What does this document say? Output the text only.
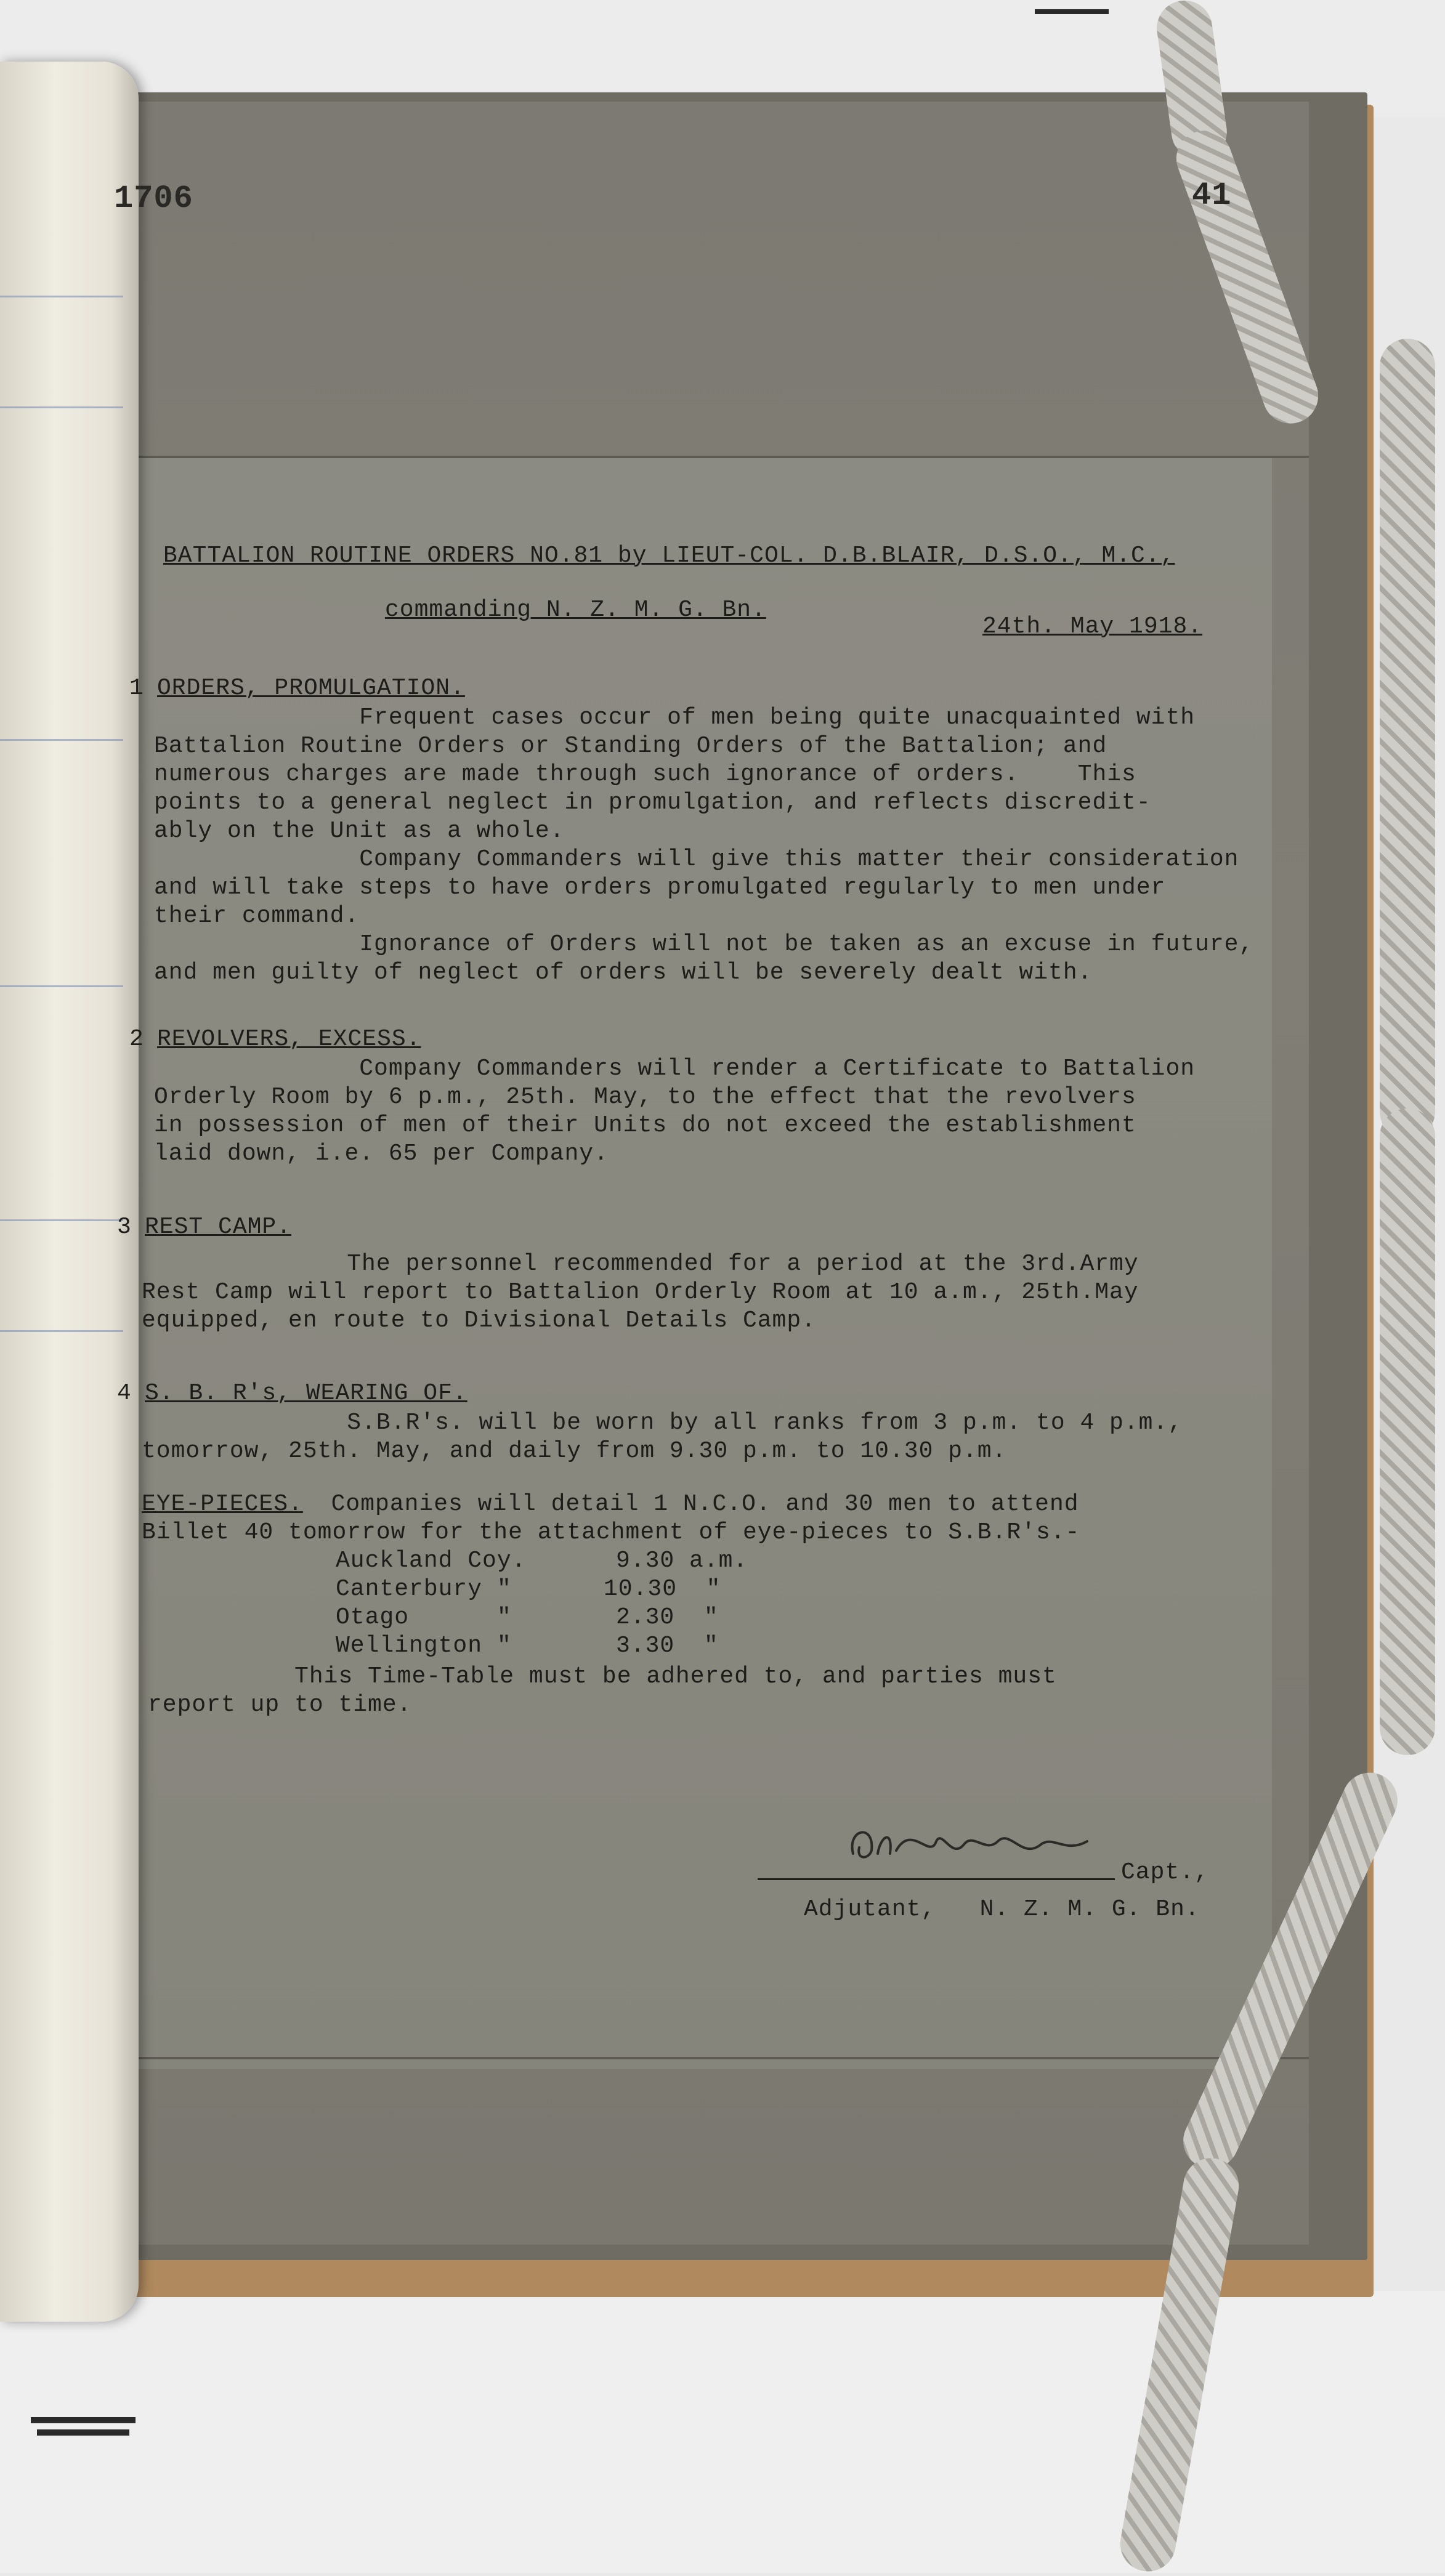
1706	41
BATTALION ROUTINE ORDERS NO.81 by LIEUT-COL. D.B.BLAIR, D.S.O., M.C.,
commanding N. Z. M. G. Bn.
24th. May 1918.
1 ORDERS, PROMULGATION.
Frequent cases occur of men being quite unacquainted with
Battalion Routine Orders or Standing Orders of the Battalion; and
numerous charges are made through such ignorance of orders.    This
points to a general neglect in promulgation, and reflects discredit-
ably on the Unit as a whole.
Company Commanders will give this matter their consideration
and will take steps to have orders promulgated regularly to men under
their command.
Ignorance of Orders will not be taken as an excuse in future,
and men guilty of neglect of orders will be severely dealt with.
2 REVOLVERS, EXCESS.
Company Commanders will render a Certificate to Battalion
Orderly Room by 6 p.m., 25th. May, to the effect that the revolvers
in possession of men of their Units do not exceed the establishment
laid down, i.e. 65 per Company.
3 REST CAMP.
The personnel recommended for a period at the 3rd.Army
Rest Camp will report to Battalion Orderly Room at 10 a.m., 25th.May
equipped, en route to Divisional Details Camp.
4 S. B. R's, WEARING OF.
S.B.R's. will be worn by all ranks from 3 p.m. to 4 p.m.,
tomorrow, 25th. May, and daily from 9.30 p.m. to 10.30 p.m.
EYE-PIECES.
Companies will detail 1 N.C.O. and 30 men to attend
Billet 40 tomorrow for the attachment of eye-pieces to S.B.R's.-
Auckland Coy.	9.30 a.m.
Canterbury "	10.30  "
Otago      "	2.30  "
Wellington "	3.30  "
This Time-Table must be adhered to, and parties must
report up to time.
Capt.,
Adjutant,   N. Z. M. G. Bn.
